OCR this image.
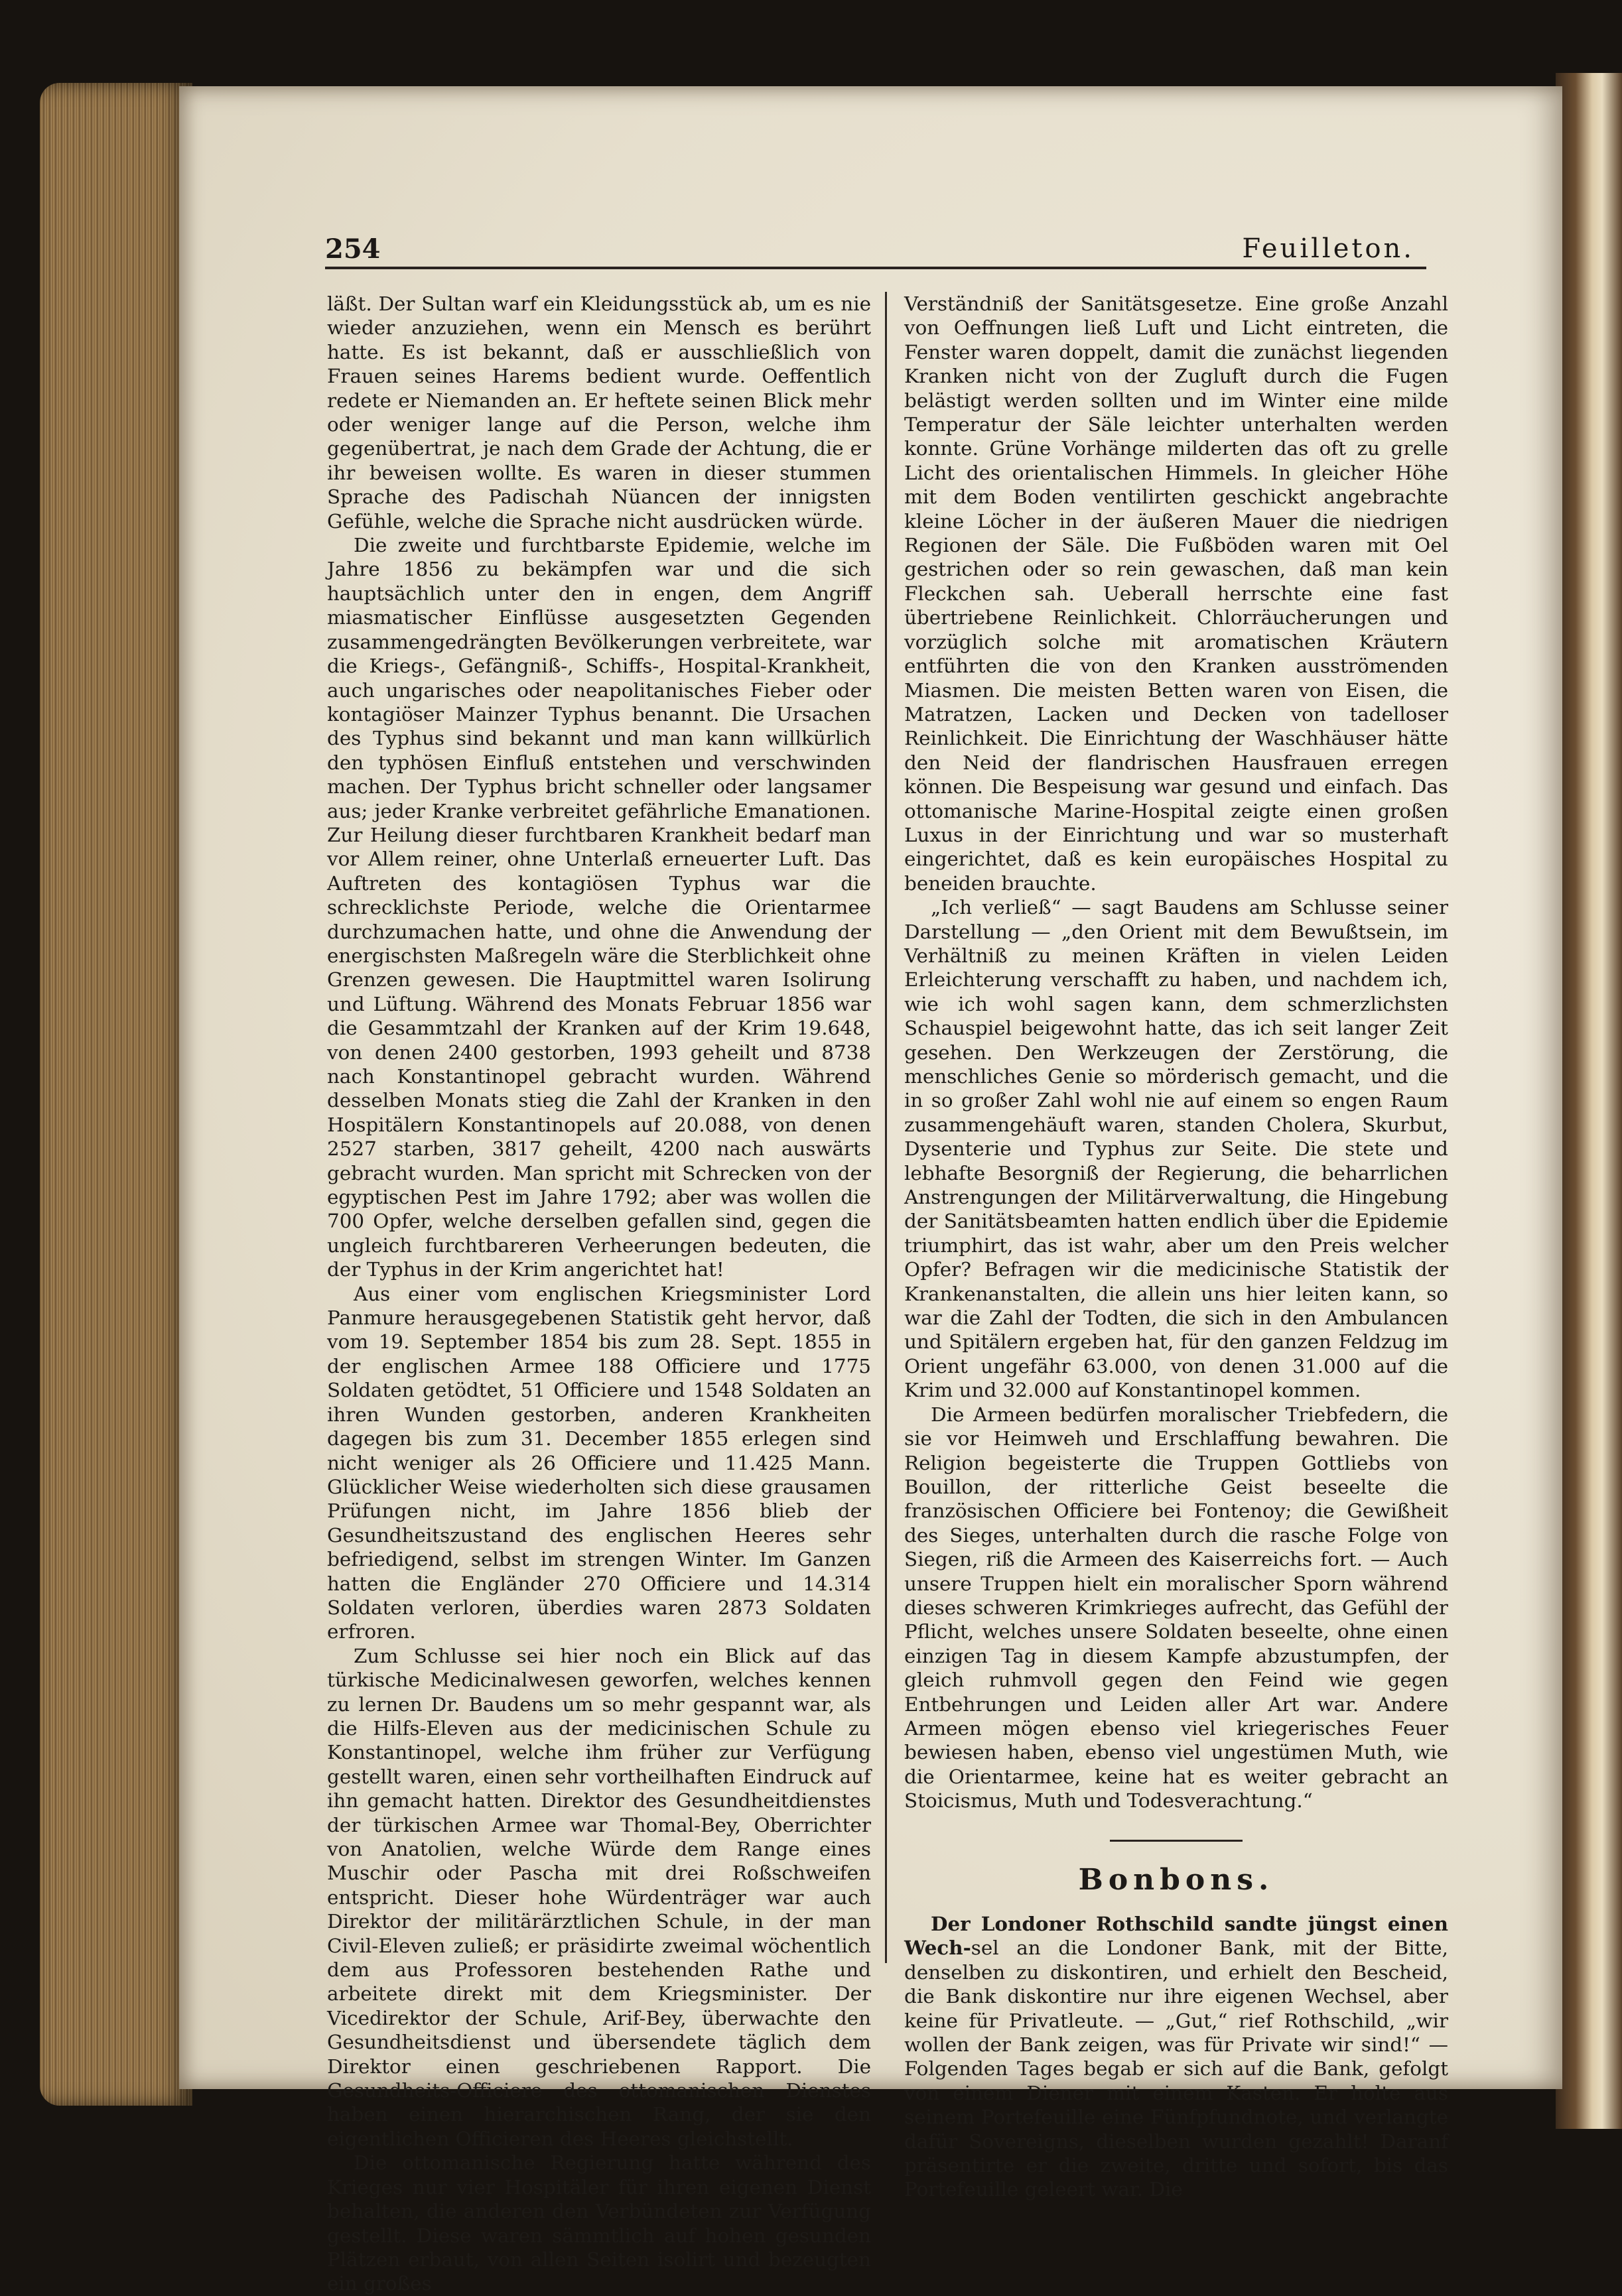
254	Feuilleton.

läßt. Der Sultan warf ein Kleidungsstück ab, um es nie wieder anzuziehen, wenn ein Mensch es berührt hatte. Es ist bekannt, daß er ausschließlich von Frauen seines Harems bedient wurde. Oeffentlich redete er Niemanden an. Er heftete seinen Blick mehr oder weniger lange auf die Person, welche ihm gegenübertrat, je nach dem Grade der Achtung, die er ihr beweisen wollte. Es waren in dieser stummen Sprache des Padischah Nüancen der innigsten Gefühle, welche die Sprache nicht ausdrücken würde.

Die zweite und furchtbarste Epidemie, welche im Jahre 1856 zu bekämpfen war und die sich hauptsächlich unter den in engen, dem Angriff miasmatischer Einflüsse ausgesetzten Gegenden zusammengedrängten Bevölkerungen verbreitete, war die Kriegs-, Gefängniß-, Schiffs-, Hospital-Krankheit, auch ungarisches oder neapolitanisches Fieber oder kontagiöser Mainzer Typhus benannt. Die Ursachen des Typhus sind bekannt und man kann willkürlich den typhösen Einfluß entstehen und verschwinden machen. Der Typhus bricht schneller oder langsamer aus; jeder Kranke verbreitet gefährliche Emanationen. Zur Heilung dieser furchtbaren Krankheit bedarf man vor Allem reiner, ohne Unterlaß erneuerter Luft. Das Auftreten des kontagiösen Typhus war die schrecklichste Periode, welche die Orientarmee durchzumachen hatte, und ohne die Anwendung der energischsten Maßregeln wäre die Sterblichkeit ohne Grenzen gewesen. Die Hauptmittel waren Isolirung und Lüftung. Während des Monats Februar 1856 war die Gesammtzahl der Kranken auf der Krim 19.648, von denen 2400 gestorben, 1993 geheilt und 8738 nach Konstantinopel gebracht wurden. Während desselben Monats stieg die Zahl der Kranken in den Hospitälern Konstantinopels auf 20.088, von denen 2527 starben, 3817 geheilt, 4200 nach auswärts gebracht wurden. Man spricht mit Schrecken von der egyptischen Pest im Jahre 1792; aber was wollen die 700 Opfer, welche derselben gefallen sind, gegen die ungleich furchtbareren Verheerungen bedeuten, die der Typhus in der Krim angerichtet hat!

Aus einer vom englischen Kriegsminister Lord Panmure herausgegebenen Statistik geht hervor, daß vom 19. September 1854 bis zum 28. Sept. 1855 in der englischen Armee 188 Officiere und 1775 Soldaten getödtet, 51 Officiere und 1548 Soldaten an ihren Wunden gestorben, anderen Krankheiten dagegen bis zum 31. December 1855 erlegen sind nicht weniger als 26 Officiere und 11.425 Mann. Glücklicher Weise wiederholten sich diese grausamen Prüfungen nicht, im Jahre 1856 blieb der Gesundheitszustand des englischen Heeres sehr befriedigend, selbst im strengen Winter. Im Ganzen hatten die Engländer 270 Officiere und 14.314 Soldaten verloren, überdies waren 2873 Soldaten erfroren.

Zum Schlusse sei hier noch ein Blick auf das türkische Medicinalwesen geworfen, welches kennen zu lernen Dr. Baudens um so mehr gespannt war, als die Hilfs-Eleven aus der medicinischen Schule zu Konstantinopel, welche ihm früher zur Verfügung gestellt waren, einen sehr vortheilhaften Eindruck auf ihn gemacht hatten. Direktor des Gesundheitdienstes der türkischen Armee war Thomal-Bey, Oberrichter von Anatolien, welche Würde dem Range eines Muschir oder Pascha mit drei Roßschweifen entspricht. Dieser hohe Würdenträger war auch Direktor der militärärztlichen Schule, in der man Civil-Eleven zuließ; er präsidirte zweimal wöchentlich dem aus Professoren bestehenden Rathe und arbeitete direkt mit dem Kriegsminister. Der Vicedirektor der Schule, Arif-Bey, überwachte den Gesundheitsdienst und übersendete täglich dem Direktor einen geschriebenen Rapport. Die Gesundheits-Officiere des ottomanischen Dienstes haben einen hierarchischen Rang, der sie den eigentlichen Officieren des Heeres gleichstellt.

Die ottomanische Regierung hatte während des Krieges nur vier Hospitäler für ihren eigenen Dienst behalten, die anderen den Verbündeten zur Verfügung gestellt. Diese waren sämmtlich auf hohen gesunden Plätzen erbaut, von allen Seiten isolirt und bezeugten ein großes

Verständniß der Sanitätsgesetze. Eine große Anzahl von Oeffnungen ließ Luft und Licht eintreten, die Fenster waren doppelt, damit die zunächst liegenden Kranken nicht von der Zugluft durch die Fugen belästigt werden sollten und im Winter eine milde Temperatur der Säle leichter unterhalten werden konnte. Grüne Vorhänge milderten das oft zu grelle Licht des orientalischen Himmels. In gleicher Höhe mit dem Boden ventilirten geschickt angebrachte kleine Löcher in der äußeren Mauer die niedrigen Regionen der Säle. Die Fußböden waren mit Oel gestrichen oder so rein gewaschen, daß man kein Fleckchen sah. Ueberall herrschte eine fast übertriebene Reinlichkeit. Chlorräucherungen und vorzüglich solche mit aromatischen Kräutern entführten die von den Kranken ausströmenden Miasmen. Die meisten Betten waren von Eisen, die Matratzen, Lacken und Decken von tadelloser Reinlichkeit. Die Einrichtung der Waschhäuser hätte den Neid der flandrischen Hausfrauen erregen können. Die Bespeisung war gesund und einfach. Das ottomanische Marine-Hospital zeigte einen großen Luxus in der Einrichtung und war so musterhaft eingerichtet, daß es kein europäisches Hospital zu beneiden brauchte.

„Ich verließ“ — sagt Baudens am Schlusse seiner Darstellung — „den Orient mit dem Bewußtsein, im Verhältniß zu meinen Kräften in vielen Leiden Erleichterung verschafft zu haben, und nachdem ich, wie ich wohl sagen kann, dem schmerzlichsten Schauspiel beigewohnt hatte, das ich seit langer Zeit gesehen. Den Werkzeugen der Zerstörung, die menschliches Genie so mörderisch gemacht, und die in so großer Zahl wohl nie auf einem so engen Raum zusammengehäuft waren, standen Cholera, Skurbut, Dysenterie und Typhus zur Seite. Die stete und lebhafte Besorgniß der Regierung, die beharrlichen Anstrengungen der Militärverwaltung, die Hingebung der Sanitätsbeamten hatten endlich über die Epidemie triumphirt, das ist wahr, aber um den Preis welcher Opfer? Befragen wir die medicinische Statistik der Krankenanstalten, die allein uns hier leiten kann, so war die Zahl der Todten, die sich in den Ambulancen und Spitälern ergeben hat, für den ganzen Feldzug im Orient ungefähr 63.000, von denen 31.000 auf die Krim und 32.000 auf Konstantinopel kommen.

Die Armeen bedürfen moralischer Triebfedern, die sie vor Heimweh und Erschlaffung bewahren. Die Religion begeisterte die Truppen Gottliebs von Bouillon, der ritterliche Geist beseelte die französischen Officiere bei Fontenoy; die Gewißheit des Sieges, unterhalten durch die rasche Folge von Siegen, riß die Armeen des Kaiserreichs fort. — Auch unsere Truppen hielt ein moralischer Sporn während dieses schweren Krimkrieges aufrecht, das Gefühl der Pflicht, welches unsere Soldaten beseelte, ohne einen einzigen Tag in diesem Kampfe abzustumpfen, der gleich ruhmvoll gegen den Feind wie gegen Entbehrungen und Leiden aller Art war. Andere Armeen mögen ebenso viel kriegerisches Feuer bewiesen haben, ebenso viel ungestümen Muth, wie die Orientarmee, keine hat es weiter gebracht an Stoicismus, Muth und Todesverachtung.“

Bonbons.

Der Londoner Rothschild sandte jüngst einen Wech-sel an die Londoner Bank, mit der Bitte, denselben zu diskontiren, und erhielt den Bescheid, die Bank diskontire nur ihre eigenen Wechsel, aber keine für Privatleute. — „Gut,“ rief Rothschild, „wir wollen der Bank zeigen, was für Private wir sind!“ — Folgenden Tages begab er sich auf die Bank, gefolgt von einem Diener mit einem Kasten. Er holte aus seinem Portefeuille eine Fünfpfundnote, und verlangte dafür Sovereigns, dieselben wurden gezahlt! Daranf präsentirte er die zweite, dritte und sofort, bis das Portefeuille geleert war. Die
